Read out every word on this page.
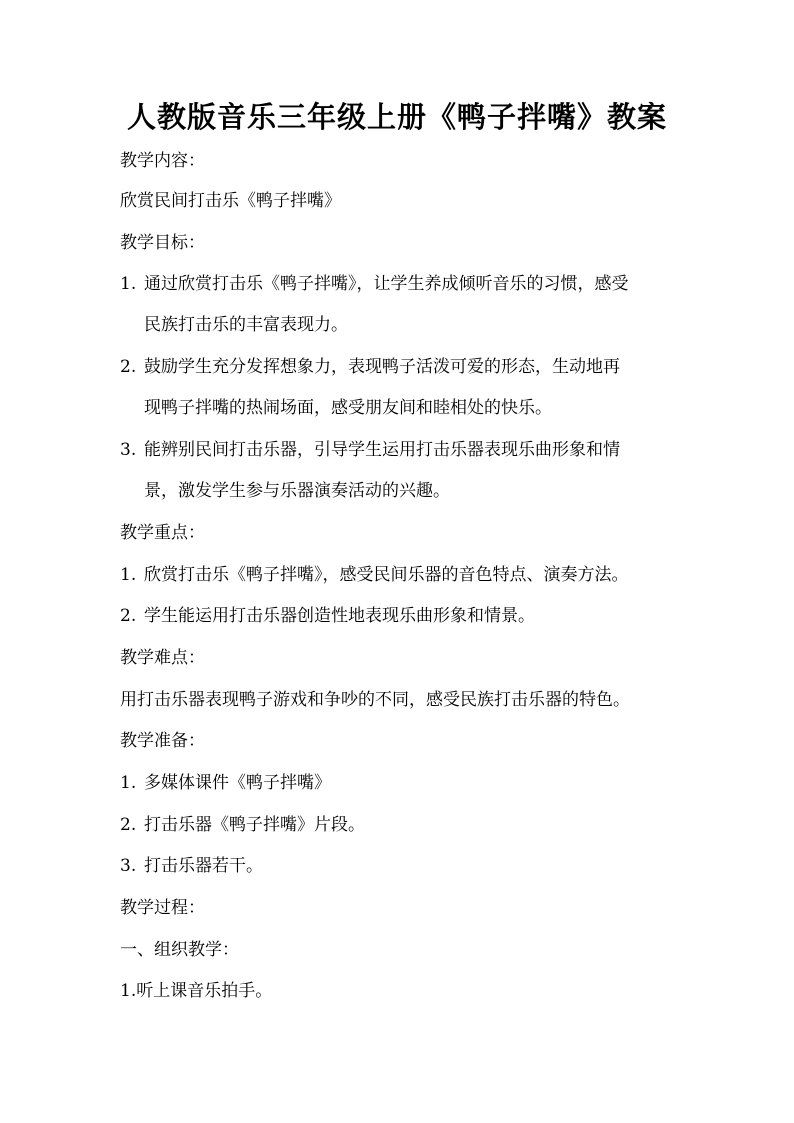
人教版音乐三年级上册《鸭子拌嘴》教案
教学内容：
欣赏民间打击乐《鸭子拌嘴》
教学目标：
1. 通过欣赏打击乐《鸭子拌嘴》，让学生养成倾听音乐的习惯，感受
民族打击乐的丰富表现力。
2. 鼓励学生充分发挥想象力，表现鸭子活泼可爱的形态，生动地再
现鸭子拌嘴的热闹场面，感受朋友间和睦相处的快乐。
3. 能辨别民间打击乐器，引导学生运用打击乐器表现乐曲形象和情
景，激发学生参与乐器演奏活动的兴趣。
教学重点：
1. 欣赏打击乐《鸭子拌嘴》，感受民间乐器的音色特点、演奏方法。
2. 学生能运用打击乐器创造性地表现乐曲形象和情景。
教学难点：
用打击乐器表现鸭子游戏和争吵的不同，感受民族打击乐器的特色。
教学准备：
1. 多媒体课件《鸭子拌嘴》
2. 打击乐器《鸭子拌嘴》片段。
3. 打击乐器若干。
教学过程：
一、组织教学：
1.听上课音乐拍手。
